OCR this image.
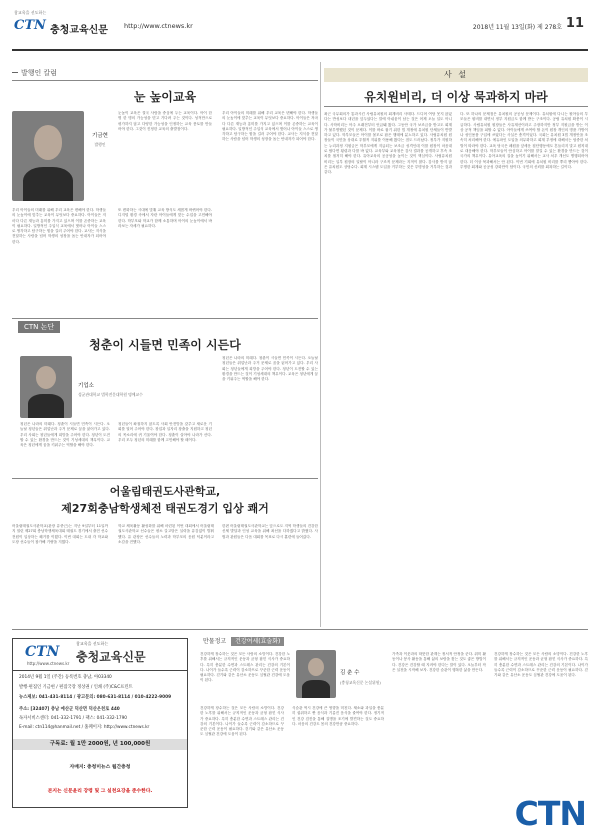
참교육을 선도하는
CTN 충청교육신문 http://www.ctnews.kr	2018년 11월 13일(화) 제 278호 11
발행인 칼럼
눈 높이교육
기금현
발행인
우리 아이들의 미래를 위해 우리 교육은 변해야 한다. 학생들의 눈높이에 맞추는 교육이 무엇보다 중요하다. 아이들은 저마다 다른 재능과 흥미를 가지고 있으며 이를 존중하는 교육이 필요하다. 일방적인 주입식 교육에서 벗어나 아이들 스스로 생각하고 탐구하는 힘을 길러 주어야 한다. 교사는 지식을 전달하는 사람을 넘어 학생의 성장을 돕는 안내자가 되어야 한다.
또 변화하는 시대에 맞춰 교육 방식도 새롭게 바뀌어야 한다. 디지털 환경 속에서 자란 아이들에게 맞는 수업을 고민해야 한다. 학부모와 학교가 함께 소통하며 아이의 눈높이에서 바라보는 자세가 필요하다.
눈높이 교육은 결국 사람을 중심에 두는 교육이다. 아이 한 명 한 명의 가능성을 믿고 기다려 주는 것이다. 성적만으로 평가하지 않고 다양한 가능성을 인정하는 교육 풍토를 만들어야 한다. 그것이 진정한 교육의 출발점이다.
우리 아이들의 미래를 위해 우리 교육은 변해야 한다. 학생들의 눈높이에 맞추는 교육이 무엇보다 중요하다. 아이들은 저마다 다른 재능과 흥미를 가지고 있으며 이를 존중하는 교육이 필요하다. 일방적인 주입식 교육에서 벗어나 아이들 스스로 생각하고 탐구하는 힘을 길러 주어야 한다. 교사는 지식을 전달하는 사람을 넘어 학생의 성장을 돕는 안내자가 되어야 한다.
CTN 논단
청춘이 시들면 민족이 시든다
기업소
성균관대학교 법학전문대학원 명예교수
청년은 나라의 미래다. 청춘이 시들면 민족이 시든다. 오늘날 청년들은 취업난과 주거 문제로 꿈을 잃어가고 있다. 우리 사회는 청년들에게 희망을 주어야 한다. 청년이 도전할 수 있는 환경을 만드는 것이 기성세대의 책무이다. 교육은 청년에게 꿈을 키워주는 역할을 해야 한다.
청년들이 좌절하지 않도록 사회 안전망을 갖추고 새로운 기회를 열어 주어야 한다. 창업과 일자리 창출을 지원하고 청년의 목소리에 귀 기울여야 한다. 청춘이 살아야 나라가 산다. 우리 모두 청년의 미래를 함께 고민해야 할 때이다.
청년은 나라의 미래다. 청춘이 시들면 민족이 시든다. 오늘날 청년들은 취업난과 주거 문제로 꿈을 잃어가고 있다. 우리 사회는 청년들에게 희망을 주어야 한다. 청년이 도전할 수 있는 환경을 만드는 것이 기성세대의 책무이다. 교육은 청년에게 꿈을 키워주는 역할을 해야 한다.
어울림태권도사관학교,
제27회충남학생체전 태권도경기 입상 쾌거
어울림태권도사관학교(관장 유중근)는 지난 9일부터 11일까지 열린 제27회 충남학생체육대회 태권도 경기에서 출전 선수 전원이 입상하는 쾌거를 이뤘다. 이번 대회는 도내 각 학교와 도장 선수들이 참가해 기량을 겨뤘다.
학교 체육활동 활성화를 위해 마련된 이번 대회에서 어울림태권도사관학교 선수들은 평소 갈고닦은 실력을 유감없이 발휘했다. 유 관장은 선수들의 노력과 학부모의 응원 덕분이라고 소감을 전했다.
한편 어울림태권도사관학교는 앞으로도 지역 학생들의 건강한 신체 발달과 인성 교육을 위해 최선을 다하겠다고 밝혔다. 사범과 관원들은 다음 대회를 목표로 다시 훈련에 들어갔다.
사 설
유치원비리, 더 이상 묵과하지 마라
최근 국무회의가 통과시킨 사립유치원의 회계비리 사태다. 드디어 여당 못지 않았다는 반성보다 내년을 앞두었다는 말에 아쉬움이 남는 것은 어제 오늘 일도 아니다. 사학비리는 아주 오래전부터 언급돼 왔다. 그동안 국가 보조금을 받고도 회계가 불투명했던 것이 문제다. 이를 바로 잡기 위한 법 개정에 유치원 단체들이 반발하고 있다. 학부모들은 아이를 볼모로 잡은 행태에 분노하고 있다. 사립유치원 원장들이 국민을 상대로 우월적 지위를 이용해 왔다는 점도 드러났다. 정부가 지원하는 누리과정 지원금은 학부모에게 지급되는 보조금 성격인데 이를 원장이 마음대로 썼다면 횡령과 다를 바 없다. 교육부와 교육청은 감사 결과를 공개하고 후속 조치를 철저히 해야 한다. 유아교육의 공공성을 높이는 것이 핵심이다. 사립유치원 비리는 일부 원장의 일탈이 아니라 구조적 문제라는 지적이 많다. 감사를 받지 않은 유치원도 상당수다. 회계 시스템 도입을 거부하는 것은 투명성을 거부하는 것과 같다.
다. 또 하나의 문제점은 유치원의 공공성 문제이다. 유치원에 다니는 원아들의 부모들은 원비를 내면서 정부 지원금도 함께 받는 구조이다. 공립 유치원 확충이 시급하다. 사립유치원 원장들은 사유재산이라고 주장하지만 정부 지원금을 받는 이상 공적 책임을 피할 수 없다. 아이들에게 쓰여야 할 돈이 원장 개인의 명품 가방이나 성인용품 구입에 쓰였다는 사실은 충격이었다. 국회는 유치원 3법 개정안을 조속히 처리해야 한다. 에듀파인 도입을 의무화하고 회계 부정에 대해서는 엄중한 처벌이 따라야 한다. 교육 당국은 폐원을 앞세운 집단행동에도 흔들리지 말고 원칙대로 대응해야 한다. 학부모들이 안심하고 아이를 맡길 수 있는 환경을 만드는 것이 국가의 책무이다. 유아교육의 질을 높이기 위해서는 교사 처우 개선도 병행되어야 한다. 더 이상 묵과해서는 안 된다. 이번 기회에 유치원 비리를 뿌리 뽑아야 한다. 투명한 회계와 공공성 강화만이 답이다. 국민의 신뢰를 회복하는 길이다.
CTN
참교육을 선도하는
충청교육신문
http://www.ctnews.kr
2014년 9월 1일 (주간) 등록번호 충남, 아03340
발행·편집인 기금현 / 편집국장 정상권 / 인쇄 (주)C&C프린트
뉴스제보: 041-431-8114 / 광고문의: 080-631-8114 / 010-4222-9009
주소: [32407] 충남 예산군 덕산면 덕산온천로 440
독자서비스센터: 041-332-1791 / 팩스: 041-332-1790
E-mail: ctn114@hanmail.net / 홈페이지: http://www.ctnews.kr
구독료: 월 1만 2000원, 년 100,000원
자매지: 충청미뉴스 월간충청
본지는 신문윤리 강령 및 그 실천요강을 준수한다.
만물정고 건강여세(효술화)
건강하게 장수하는 것은 모든 사람의 소망이다. 건강한 노후를 위해서는 규칙적인 운동과 균형 잡힌 식사가 중요하다. 특히 충분한 수면과 스트레스 관리는 건강의 기본이다. 나이가 들수록 근력이 감소하므로 꾸준한 근력 운동이 필요하다. 걷기와 같은 유산소 운동도 심혈관 건강에 도움이 된다.
김 춘 수
(충청교육신문 논설위원)
건강하게 장수하는 것은 모든 사람의 소망이다. 건강한 노후를 위해서는 규칙적인 운동과 균형 잡힌 식사가 중요하다. 특히 충분한 수면과 스트레스 관리는 건강의 기본이다. 나이가 들수록 근력이 감소하므로 꾸준한 근력 운동이 필요하다. 걷기와 같은 유산소 운동도 심혈관 건강에 도움이 된다.
식습관 역시 건강에 큰 영향을 미친다. 채소와 과일을 충분히 섭취하고 짠 음식과 기름진 음식을 줄여야 한다. 정기적인 건강 검진을 통해 질병을 조기에 발견하는 것도 중요하다. 마음의 건강도 몸의 건강만큼 중요하다.
가족과 이웃과의 따뜻한 관계는 정서적 안정을 준다. 취미 활동이나 봉사 활동을 통해 삶의 보람을 찾는 것도 좋은 방법이다. 건강은 건강할 때 지켜야 한다는 말이 있다. 오늘부터 작은 실천을 시작해 보자. 건강한 습관이 행복한 삶을 만든다.
건강하게 장수하는 것은 모든 사람의 소망이다. 건강한 노후를 위해서는 규칙적인 운동과 균형 잡힌 식사가 중요하다. 특히 충분한 수면과 스트레스 관리는 건강의 기본이다. 나이가 들수록 근력이 감소하므로 꾸준한 근력 운동이 필요하다. 걷기와 같은 유산소 운동도 심혈관 건강에 도움이 된다.
CTN
